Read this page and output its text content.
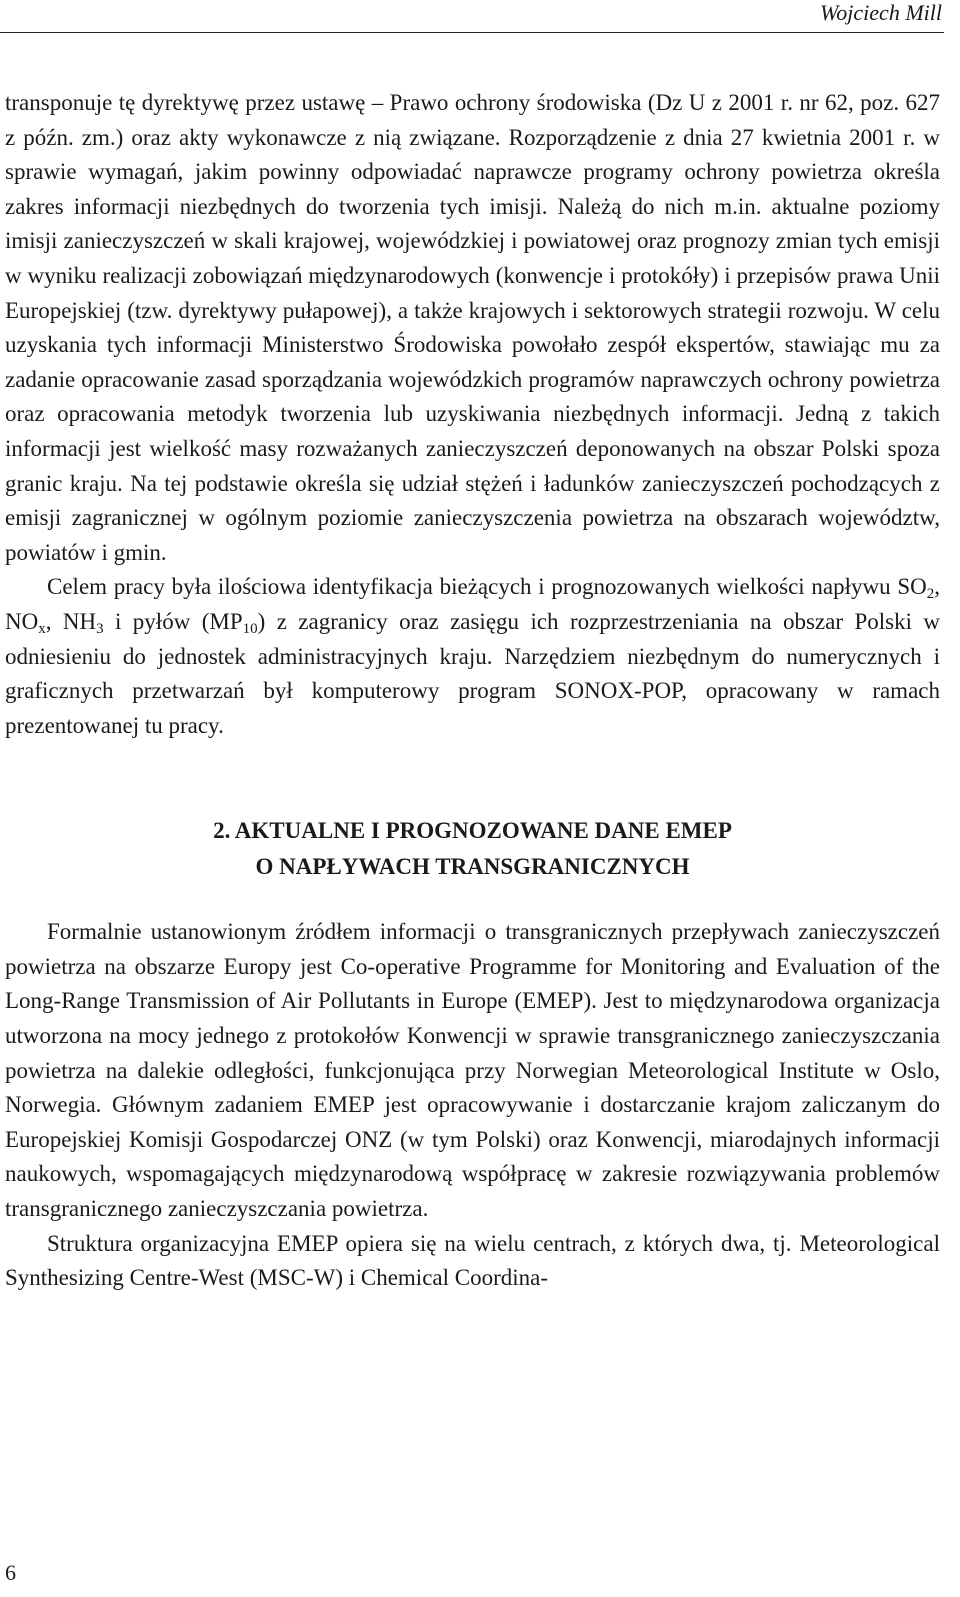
Wojciech Mill

transponuje tę dyrektywę przez ustawę – Prawo ochrony środowiska (Dz U z 2001 r. nr 62, poz. 627 z późn. zm.) oraz akty wykonawcze z nią związane. Rozporządzenie z dnia 27 kwietnia 2001 r. w sprawie wymagań, jakim powinny odpowiadać naprawcze programy ochrony powietrza określa zakres informacji niezbędnych do tworzenia tych imisji. Należą do nich m.in. aktualne poziomy imisji zanieczyszczeń w skali krajowej, wojewódzkiej i powiatowej oraz prognozy zmian tych emisji w wyniku realizacji zobowiązań międzynarodowych (konwencje i protokóły) i przepisów prawa Unii Europejskiej (tzw. dyrektywy pułapowej), a także krajowych i sektorowych strategii rozwoju. W celu uzyskania tych informacji Ministerstwo Środowiska powołało zespół ekspertów, stawiając mu za zadanie opracowanie zasad sporządzania wojewódzkich programów naprawczych ochrony powietrza oraz opracowania metodyk tworzenia lub uzyskiwania niezbędnych informacji. Jedną z takich informacji jest wielkość masy rozważanych zanieczyszczeń deponowanych na obszar Polski spoza granic kraju. Na tej podstawie określa się udział stężeń i ładunków zanieczyszczeń pochodzących z emisji zagranicznej w ogólnym poziomie zanieczyszczenia powietrza na obszarach województw, powiatów i gmin.

Celem pracy była ilościowa identyfikacja bieżących i prognozowanych wielkości napływu $SO_2$, $NO_x$, $NH_3$ i pyłów $(MP_{10})$ z zagranicy oraz zasięgu ich rozprzestrzeniania na obszar Polski w odniesieniu do jednostek administracyjnych kraju. Narzędziem niezbędnym do numerycznych i graficznych przetwarzań był komputerowy program SONOX-POP, opracowany w ramach prezentowanej tu pracy.

2. AKTUALNE I PROGNOZOWANE DANE EMEP
O NAPŁYWACH TRANSGRANICZNYCH

Formalnie ustanowionym źródłem informacji o transgranicznych przepływach zanieczyszczeń powietrza na obszarze Europy jest Co-operative Programme for Monitoring and Evaluation of the Long-Range Transmission of Air Pollutants in Europe (EMEP). Jest to międzynarodowa organizacja utworzona na mocy jednego z protokołów Konwencji w sprawie transgranicznego zanieczyszczania powietrza na dalekie odległości, funkcjonująca przy Norwegian Meteorological Institute w Oslo, Norwegia. Głównym zadaniem EMEP jest opracowywanie i dostarczanie krajom zaliczanym do Europejskiej Komisji Gospodarczej ONZ (w tym Polski) oraz Konwencji, miarodajnych informacji naukowych, wspomagających międzynarodową współpracę w zakresie rozwiązywania problemów transgranicznego zanieczyszczania powietrza.

Struktura organizacyjna EMEP opiera się na wielu centrach, z których dwa, tj. Meteorological Synthesizing Centre-West (MSC-W) i Chemical Coordina-

6
